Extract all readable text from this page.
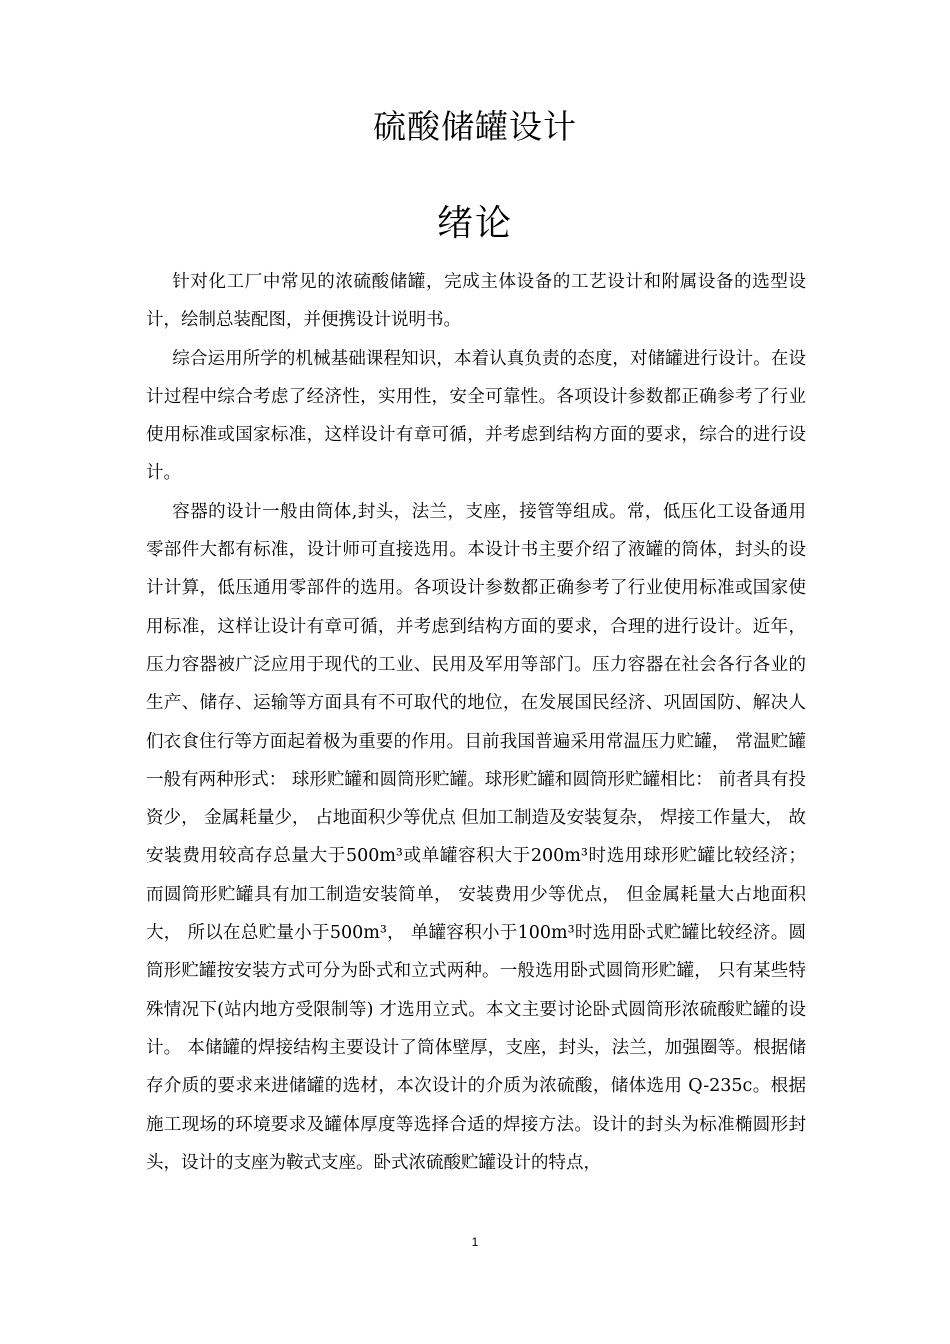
硫酸储罐设计
绪论

针对化工厂中常见的浓硫酸储罐，完成主体设备的工艺设计和附属设备的选型设计，绘制总装配图，并便携设计说明书。

综合运用所学的机械基础课程知识，本着认真负责的态度，对储罐进行设计。在设计过程中综合考虑了经济性，实用性，安全可靠性。各项设计参数都正确参考了行业使用标准或国家标准，这样设计有章可循，并考虑到结构方面的要求，综合的进行设计。

容器的设计一般由筒体,封头，法兰，支座，接管等组成。常，低压化工设备通用零部件大都有标准，设计师可直接选用。本设计书主要介绍了液罐的筒体，封头的设计计算，低压通用零部件的选用。各项设计参数都正确参考了行业使用标准或国家使用标准，这样让设计有章可循，并考虑到结构方面的要求，合理的进行设计。近年，压力容器被广泛应用于现代的工业、民用及军用等部门。压力容器在社会各行各业的生产、储存、运输等方面具有不可取代的地位，在发展国民经济、巩固国防、解决人们衣食住行等方面起着极为重要的作用。目前我国普遍采用常温压力贮罐， 常温贮罐一般有两种形式： 球形贮罐和圆筒形贮罐。球形贮罐和圆筒形贮罐相比： 前者具有投资少， 金属耗量少， 占地面积少等优点 但加工制造及安装复杂， 焊接工作量大， 故安装费用较高存总量大于500m³或单罐容积大于200m³时选用球形贮罐比较经济； 而圆筒形贮罐具有加工制造安装简单， 安装费用少等优点， 但金属耗量大占地面积大， 所以在总贮量小于500m³， 单罐容积小于100m³时选用卧式贮罐比较经济。圆筒形贮罐按安装方式可分为卧式和立式两种。一般选用卧式圆筒形贮罐， 只有某些特殊情况下(站内地方受限制等) 才选用立式。本文主要讨论卧式圆筒形浓硫酸贮罐的设计。 本储罐的焊接结构主要设计了筒体壁厚，支座，封头，法兰，加强圈等。根据储存介质的要求来进储罐的选材，本次设计的介质为浓硫酸，储体选用 Q-235c。根据施工现场的环境要求及罐体厚度等选择合适的焊接方法。设计的封头为标准椭圆形封头，设计的支座为鞍式支座。卧式浓硫酸贮罐设计的特点，

1
